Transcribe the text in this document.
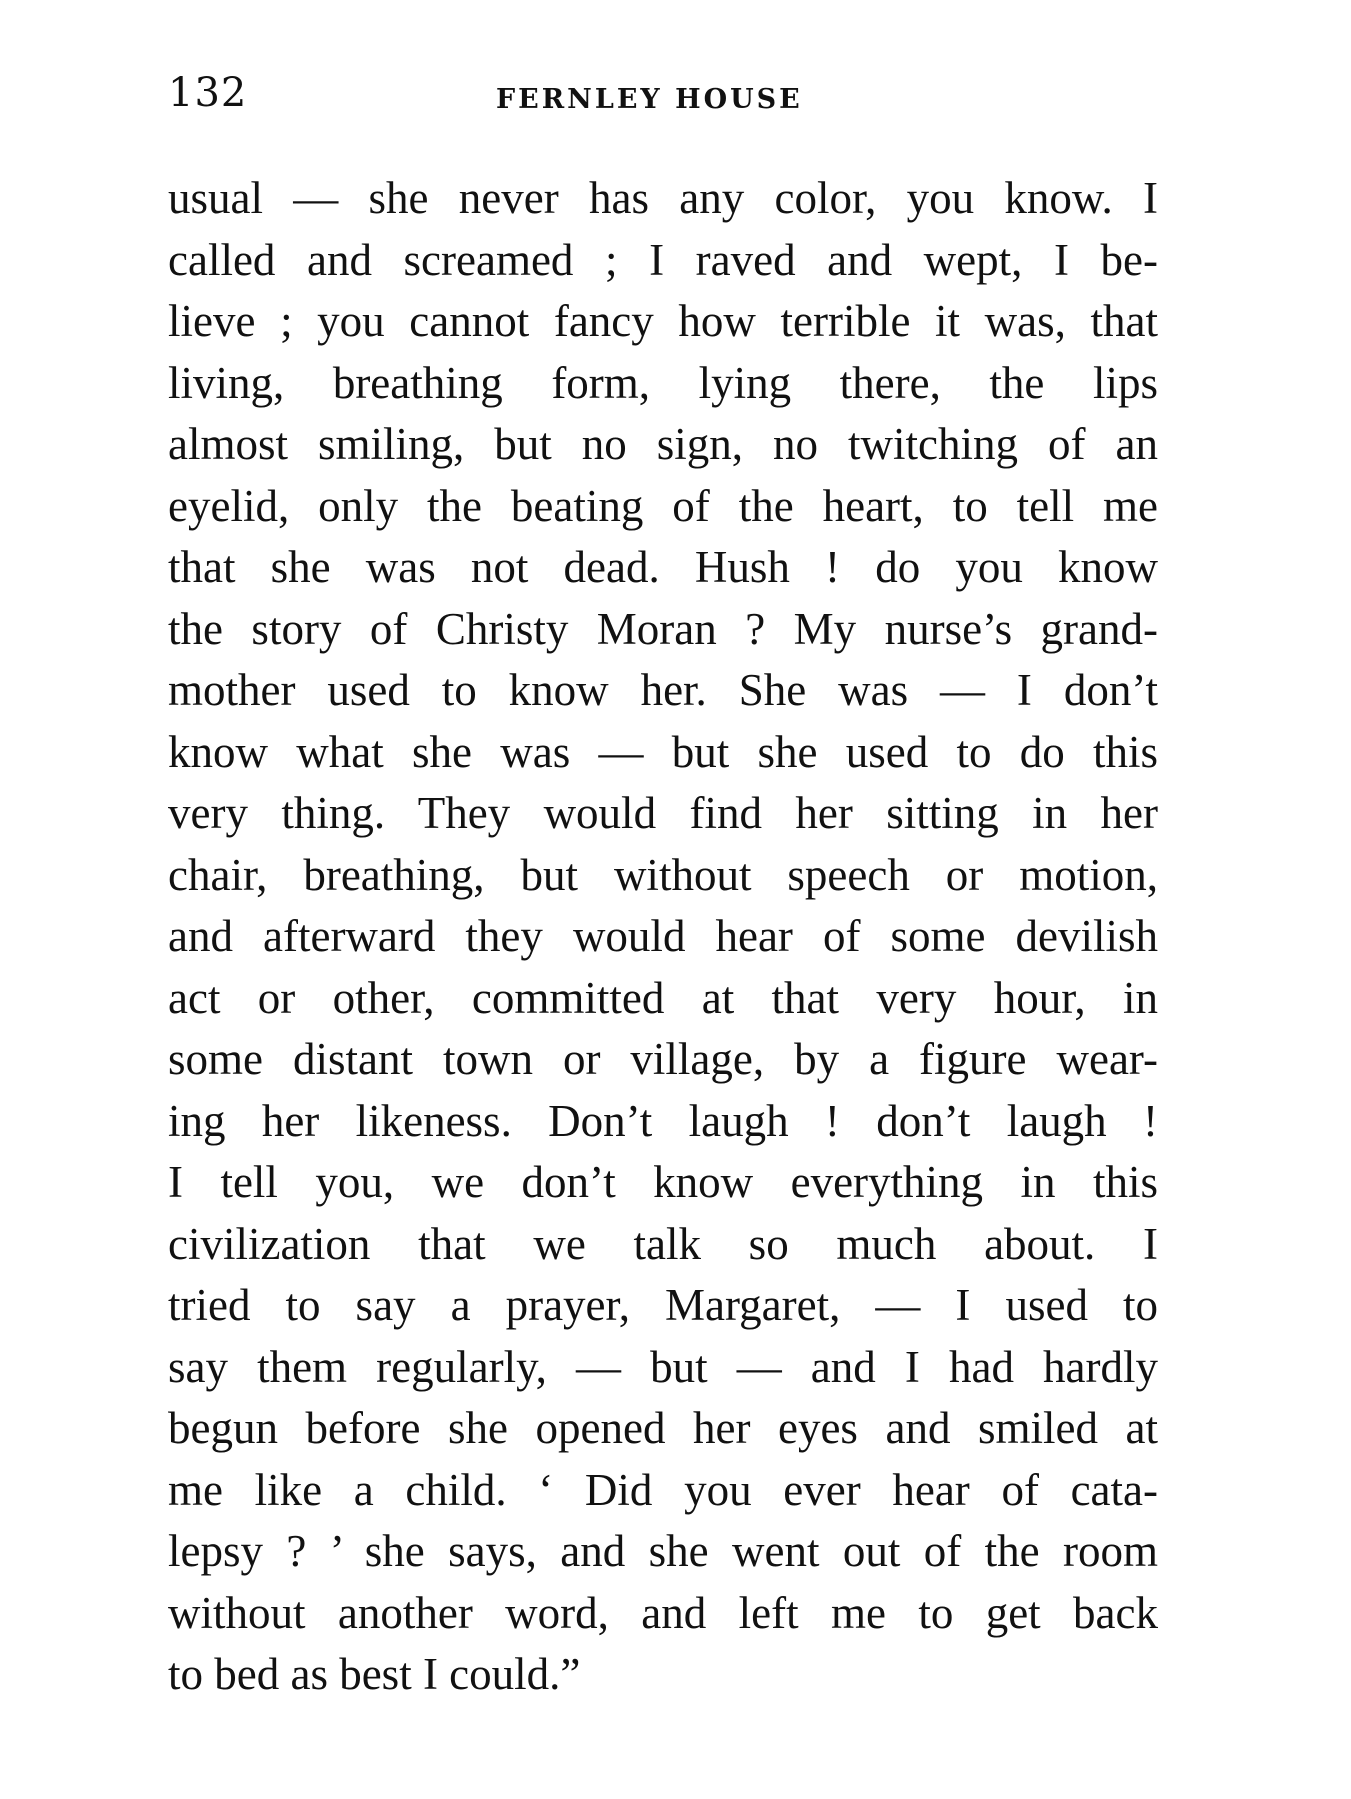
132	FERNLEY HOUSE
usual — she never has any color, you know. I
called and screamed ; I raved and wept, I be-
lieve ; you cannot fancy how terrible it was, that
living, breathing form, lying there, the lips
almost smiling, but no sign, no twitching of an
eyelid, only the beating of the heart, to tell me
that she was not dead. Hush ! do you know
the story of Christy Moran ? My nurse’s grand-
mother used to know her. She was — I don’t
know what she was — but she used to do this
very thing. They would find her sitting in her
chair, breathing, but without speech or motion,
and afterward they would hear of some devilish
act or other, committed at that very hour, in
some distant town or village, by a figure wear-
ing her likeness. Don’t laugh ! don’t laugh !
I tell you, we don’t know everything in this
civilization that we talk so much about. I
tried to say a prayer, Margaret, — I used to
say them regularly, — but — and I had hardly
begun before she opened her eyes and smiled at
me like a child. ‘ Did you ever hear of cata-
lepsy ? ’ she says, and she went out of the room
without another word, and left me to get back
to bed as best I could.”
